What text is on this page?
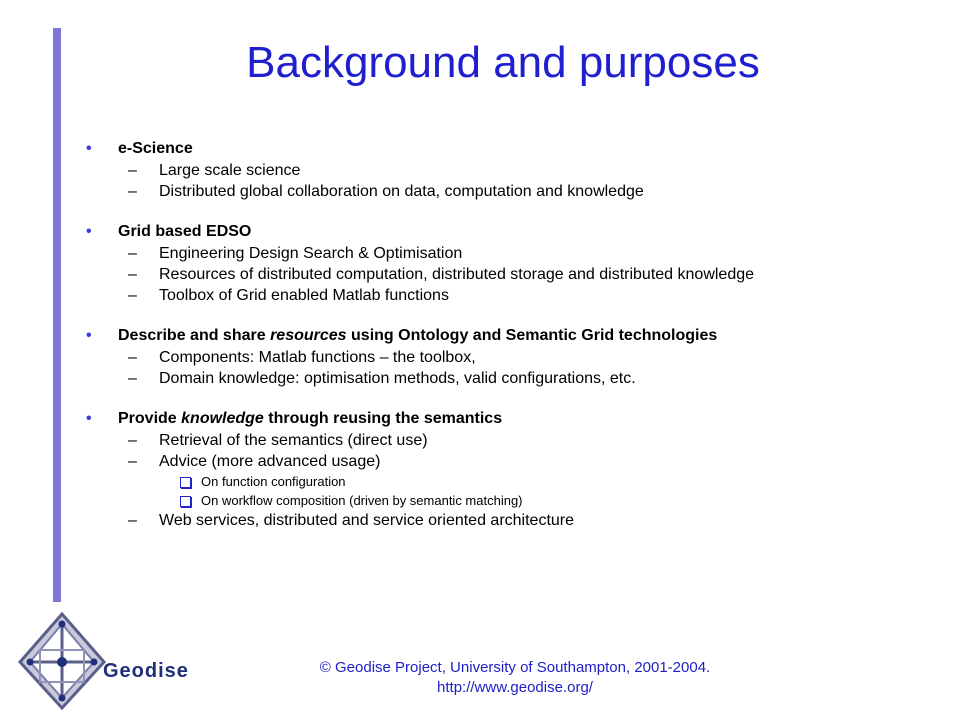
Background and purposes
• e-Science
– Large scale science
– Distributed global collaboration on data, computation and knowledge
• Grid based EDSO
– Engineering Design Search & Optimisation
– Resources of distributed computation, distributed storage and distributed knowledge
– Toolbox of Grid enabled Matlab functions
• Describe and share resources using Ontology and Semantic Grid technologies
– Components: Matlab functions – the toolbox,
– Domain knowledge: optimisation methods, valid configurations, etc.
• Provide knowledge through reusing the semantics
– Retrieval of the semantics (direct use)
– Advice (more advanced usage)
On function configuration
On workflow composition (driven by semantic matching)
– Web services, distributed and service oriented architecture
Geodise	© Geodise Project, University of Southampton, 2001-2004.
http://www.geodise.org/
